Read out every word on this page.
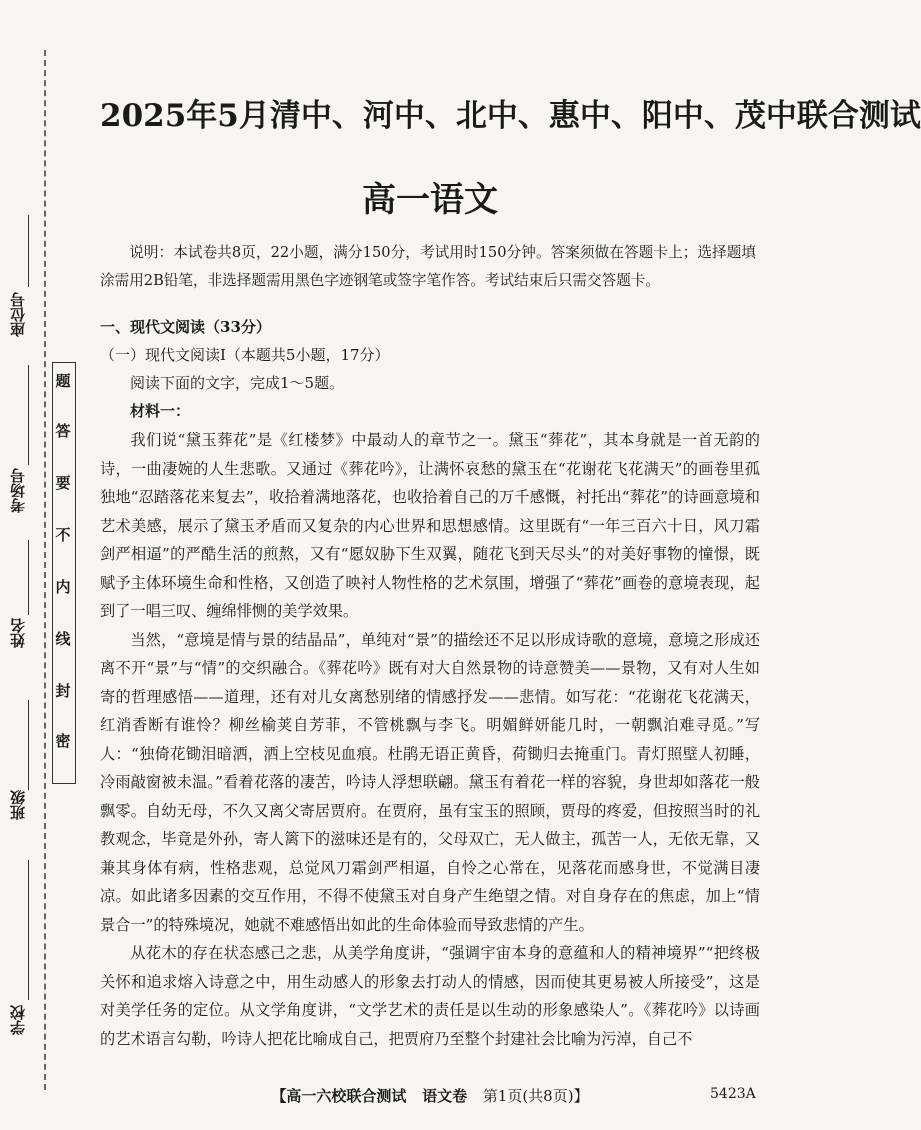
密
封
线
内
不
要
答
题
座位号
考场号
姓名
班级
学校
2025年5月清中、河中、北中、惠中、阳中、茂中联合测试
高一语文
说明：本试卷共8页，22小题，满分150分，考试用时150分钟。答案须做在答题卡上；选择题填涂需用2B铅笔，非选择题需用黑色字迹钢笔或签字笔作答。考试结束后只需交答题卡。
一、现代文阅读（33分）
（一）现代文阅读Ⅰ（本题共5小题，17分）
阅读下面的文字，完成1～5题。
材料一：

我们说“黛玉葬花”是《红楼梦》中最动人的章节之一。黛玉“葬花”，其本身就是一首无韵的诗，一曲凄婉的人生悲歌。又通过《葬花吟》，让满怀哀愁的黛玉在“花谢花飞花满天”的画卷里孤独地“忍踏落花来复去”，收拾着满地落花，也收拾着自己的万千感慨，衬托出“葬花”的诗画意境和艺术美感，展示了黛玉矛盾而又复杂的内心世界和思想感情。这里既有“一年三百六十日，风刀霜剑严相逼”的严酷生活的煎熬，又有“愿奴胁下生双翼，随花飞到天尽头”的对美好事物的憧憬，既赋予主体环境生命和性格，又创造了映衬人物性格的艺术氛围，增强了“葬花”画卷的意境表现，起到了一唱三叹、缠绵悱恻的美学效果。

当然，“意境是情与景的结晶品”，单纯对“景”的描绘还不足以形成诗歌的意境，意境之形成还离不开“景”与“情”的交织融合。《葬花吟》既有对大自然景物的诗意赞美——景物，又有对人生如寄的哲理感悟——道理，还有对儿女离愁别绪的情感抒发——悲情。如写花：“花谢花飞花满天，红消香断有谁怜？柳丝榆荚自芳菲，不管桃飘与李飞。明媚鲜妍能几时，一朝飘泊难寻觅。”写人：“独倚花锄泪暗洒，洒上空枝见血痕。杜鹃无语正黄昏，荷锄归去掩重门。青灯照壁人初睡，冷雨敲窗被未温。”看着花落的凄苦，吟诗人浮想联翩。黛玉有着花一样的容貌，身世却如落花一般飘零。自幼无母，不久又离父寄居贾府。在贾府，虽有宝玉的照顾，贾母的疼爱，但按照当时的礼教观念，毕竟是外孙，寄人篱下的滋味还是有的，父母双亡，无人做主，孤苦一人，无依无靠，又兼其身体有病，性格悲观，总觉风刀霜剑严相逼，自怜之心常在，见落花而感身世，不觉满目凄凉。如此诸多因素的交互作用，不得不使黛玉对自身产生绝望之情。对自身存在的焦虑，加上“情景合一”的特殊境况，她就不难感悟出如此的生命体验而导致悲情的产生。

从花木的存在状态感己之悲，从美学角度讲，“强调宇宙本身的意蕴和人的精神境界”“把终极关怀和追求熔入诗意之中，用生动感人的形象去打动人的情感，因而使其更易被人所接受”，这是对美学任务的定位。从文学角度讲，“文学艺术的责任是以生动的形象感染人”。《葬花吟》以诗画的艺术语言勾勒，吟诗人把花比喻成自己，把贾府乃至整个封建社会比喻为污淖，自己不

【高一六校联合测试 语文卷 第1页(共8页)】	5423A
